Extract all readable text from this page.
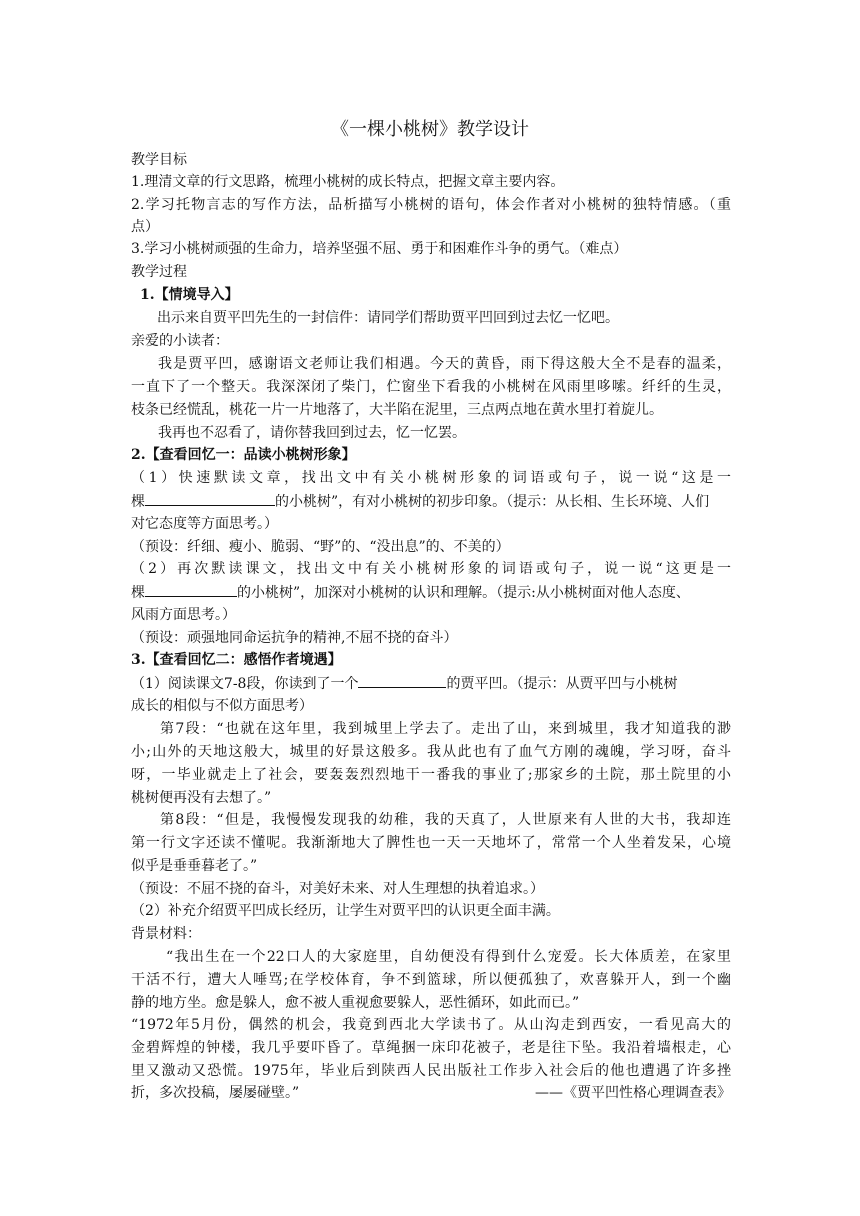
《一棵小桃树》教学设计
教学目标
1.理清文章的行文思路，梳理小桃树的成长特点，把握文章主要内容。
2.学习托物言志的写作方法，品析描写小桃树的语句，体会作者对小桃树的独特情感。（重
点）
3.学习小桃树顽强的生命力，培养坚强不屈、勇于和困难作斗争的勇气。（难点）
教学过程
1.【情境导入】
出示来自贾平凹先生的一封信件：请同学们帮助贾平凹回到过去忆一忆吧。
亲爱的小读者：
我是贾平凹，感谢语文老师让我们相遇。今天的黄昏，雨下得这般大全不是春的温柔，
一直下了一个整天。我深深闭了柴门，伫窗坐下看我的小桃树在风雨里哆嗦。纤纤的生灵，
枝条已经慌乱，桃花一片一片地落了，大半陷在泥里，三点两点地在黄水里打着旋儿。
我再也不忍看了，请你替我回到过去，忆一忆罢。
2.【查看回忆一：品读小桃树形象】
（1）快速默读文章，找出文中有关小桃树形象的词语或句子，说一说“这是一
棵	的小桃树”，有对小桃树的初步印象。（提示：从长相、生长环境、人们
对它态度等方面思考。）
（预设：纤细、瘦小、脆弱、“野”的、“没出息”的、不美的）
（2）再次默读课文，找出文中有关小桃树形象的词语或句子，说一说“这更是一
棵	的小桃树”，加深对小桃树的认识和理解。（提示:从小桃树面对他人态度、
风雨方面思考。）
（预设：顽强地同命运抗争的精神,不屈不挠的奋斗）
3.【查看回忆二：感悟作者境遇】
（1）阅读课文7-8段，你读到了一个	的贾平凹。（提示：从贾平凹与小桃树
成长的相似与不似方面思考）
第7段：“也就在这年里，我到城里上学去了。走出了山，来到城里，我才知道我的渺
小;山外的天地这般大，城里的好景这般多。我从此也有了血气方刚的魂魄，学习呀，奋斗
呀，一毕业就走上了社会，要轰轰烈烈地干一番我的事业了;那家乡的土院，那土院里的小
桃树便再没有去想了。”
第8段：“但是，我慢慢发现我的幼稚，我的天真了，人世原来有人世的大书，我却连
第一行文字还读不懂呢。我渐渐地大了脾性也一天一天地坏了，常常一个人坐着发呆，心境
似乎是垂垂暮老了。”
（预设：不屈不挠的奋斗，对美好未来、对人生理想的执着追求。）
（2）补充介绍贾平凹成长经历，让学生对贾平凹的认识更全面丰满。
背景材料：
“我出生在一个22口人的大家庭里，自幼便没有得到什么宠爱。长大体质差，在家里
干活不行，遭大人唾骂;在学校体育，争不到篮球，所以便孤独了，欢喜躲开人，到一个幽
静的地方坐。愈是躲人，愈不被人重视愈要躲人，恶性循环，如此而已。”
“1972年5月份，偶然的机会，我竟到西北大学读书了。从山沟走到西安，一看见高大的
金碧辉煌的钟楼，我几乎要吓昏了。草绳捆一床印花被子，老是往下坠。我沿着墙根走，心
里又激动又恐慌。1975年，毕业后到陕西人民出版社工作步入社会后的他也遭遇了许多挫
折，多次投稿，屡屡碰壁。”	——《贾平凹性格心理调查表》
